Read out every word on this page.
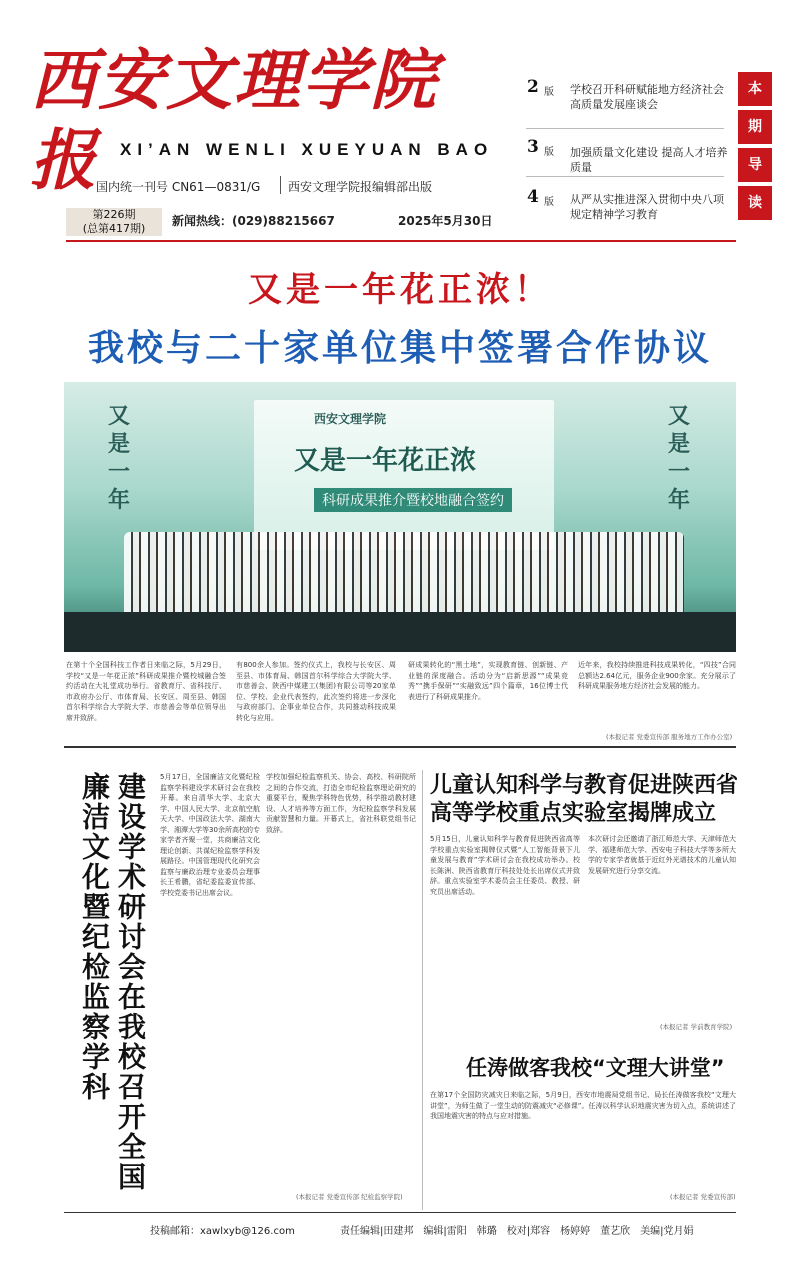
西安文理学院报	XI’AN WENLI XUEYUAN BAO
国内统一刊号 CN61—0831/G 西安文理学院报编辑部出版
第226期
(总第417期)
新闻热线：(029)88215667	2025年5月30日
2 版 学校召开科研赋能地方经济社会高质量发展座谈会
3 版 加强质量文化建设 提高人才培养质量
4 版 从严从实推进深入贯彻中央八项规定精神学习教育
本
期
导
读
又是一年花正浓！
我校与二十家单位集中签署合作协议
又是一年
又是一年
西安文理学院
又是一年花正浓
科研成果推介暨校地融合签约
在第十个全国科技工作者日来临之际，5月29日，学校“又是一年花正浓”科研成果推介暨校城融合签约活动在大礼堂成功举行。省教育厅、省科技厅、市政府办公厅、市体育局、长安区、周至县、韩国首尔科学综合大学院大学、市慈善会等单位领导出席并致辞。
有800余人参加。签约仪式上，我校与长安区、周至县、市体育局、韩国首尔科学综合大学院大学、市慈善会、陕西中煤建工(集团)有限公司等20家单位、学校、企业代表签约，此次签约将进一步深化与政府部门、企事业单位合作，共同推动科技成果转化与应用。
研成果转化的“黑土地”，实现教育链、创新链、产业链的深度融合。活动分为“启新思源”“成果竞秀”“携手保研”“实融致远”四个篇章，16位博士代表进行了科研成果推介。
近年来，我校持续推进科技成果转化，“四技”合同总额达2.64亿元，服务企业900余家。充分展示了科研成果服务地方经济社会发展的能力。
(本报记者 党委宣传部 服务地方工作办公室)
建设学术研讨会在我校召开全国廉洁文化暨纪检监察学科	5月17日，全国廉洁文化暨纪检监察学科建设学术研讨会在我校开幕。来自清华大学、北京大学、中国人民大学、北京航空航天大学、中国政法大学、湖南大学、湘潭大学等30余所高校的专家学者齐聚一堂，共商廉洁文化理论创新、共谋纪检监察学科发展路径。中国管理现代化研究会监察与廉政治理专业委员会理事长王希鹏，省纪委监委宣传部、学校党委书记出席会议。
学校加强纪检监察机关、协会、高校、科研院所之间的合作交流，打造全市纪检监察理论研究的重要平台，聚焦学科特色优势，科学推动教材建设、人才培养等方面工作，为纪检监察学科发展贡献智慧和力量。开幕式上，省社科联党组书记致辞。
(本报记者 党委宣传部 纪检监察学院)
儿童认知科学与教育促进陕西省高等学校重点实验室揭牌成立
5月15日，儿童认知科学与教育促进陕西省高等学校重点实验室揭牌仪式暨“人工智能背景下儿童发展与教育”学术研讨会在我校成功举办。校长陈洲、陕西省教育厅科技处处长出席仪式并致辞。重点实验室学术委员会主任委员、教授、研究员出席活动。
本次研讨会还邀请了浙江师范大学、天津师范大学、福建师范大学、西安电子科技大学等多所大学的专家学者就基于近红外光谱技术的儿童认知发展研究进行分享交流。
(本报记者 学前教育学院)
任涛做客我校“文理大讲堂”
在第17个全国防灾减灾日来临之际，5月9日，西安市地震局党组书记、局长任涛做客我校“文理大讲堂”，为师生做了一堂生动的防震减灾“必修课”。任涛以科学认识地震灾害为切入点，系统讲述了我国地震灾害的特点与应对措施。
(本报记者 党委宣传部)
投稿邮箱：xawlxyb@126.com	责任编辑|田建邦　编辑|雷阳　韩璐　校对|郑容　杨婷婷　董艺欣　美编|党月娟
